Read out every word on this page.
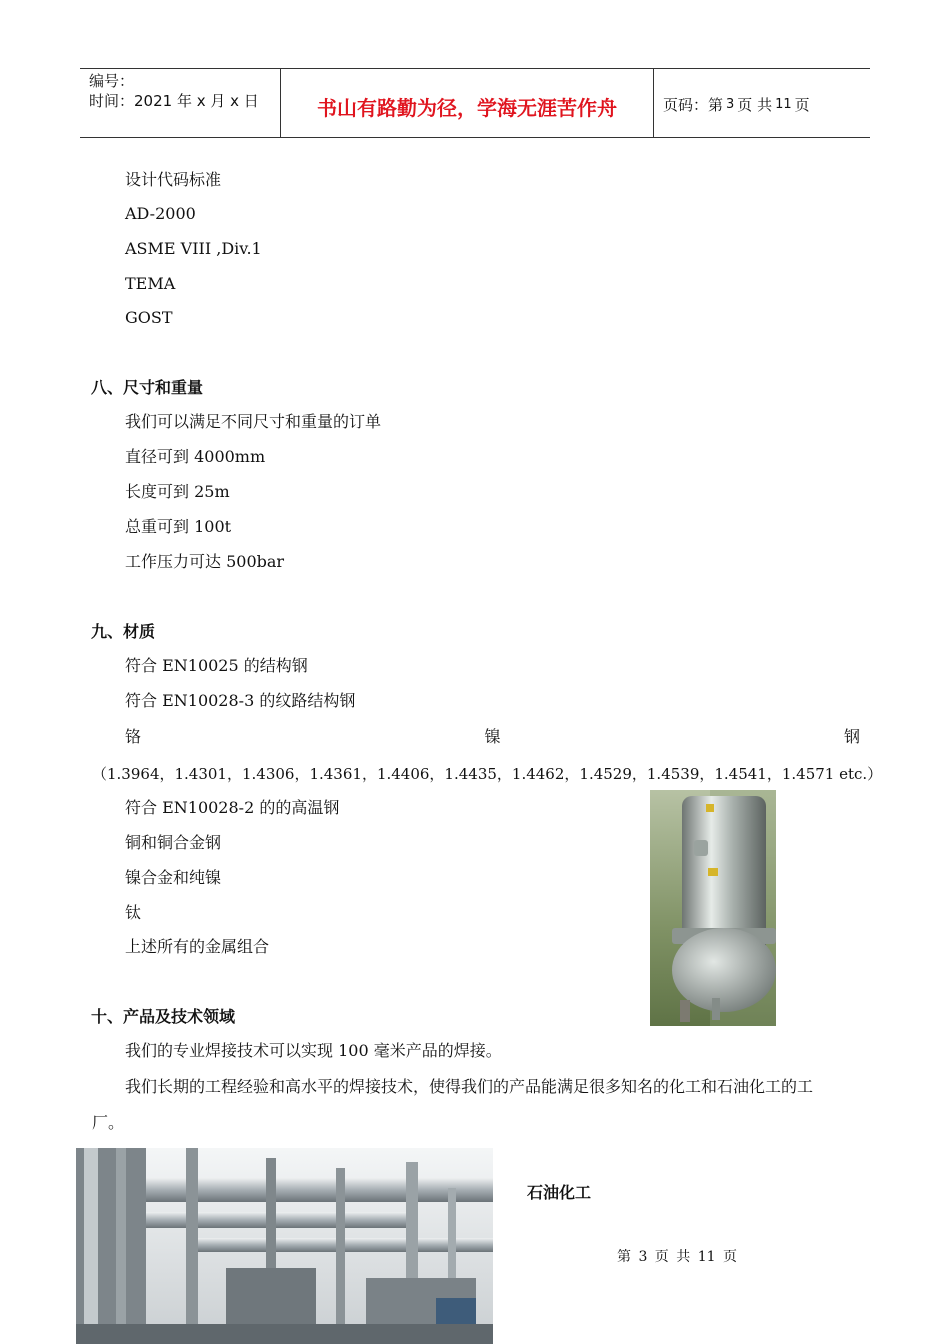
编号：
时间：2021 年 x 月 x 日	书山有路勤为径，学海无涯苦作舟	页码：第 3 页 共 11 页
设计代码标准
AD-2000
ASME VIII ,Div.1
TEMA
GOST
八、尺寸和重量
我们可以满足不同尺寸和重量的订单
直径可到 4000mm
长度可到 25m
总重可到 100t
工作压力可达 500bar
九、材质
符合 EN10025 的结构钢
符合 EN10028-3 的纹路结构钢
铬	镍	钢
（1.3964，1.4301，1.4306，1.4361，1.4406，1.4435，1.4462，1.4529，1.4539，1.4541，1.4571 etc.）
符合 EN10028-2 的的高温钢
铜和铜合金钢
镍合金和纯镍
钛
上述所有的金属组合
十、产品及技术领域
我们的专业焊接技术可以实现 100 毫米产品的焊接。
我们长期的工程经验和高水平的焊接技术，使得我们的产品能满足很多知名的化工和石油化工的工
厂。
石油化工
第 3 页 共 11 页
